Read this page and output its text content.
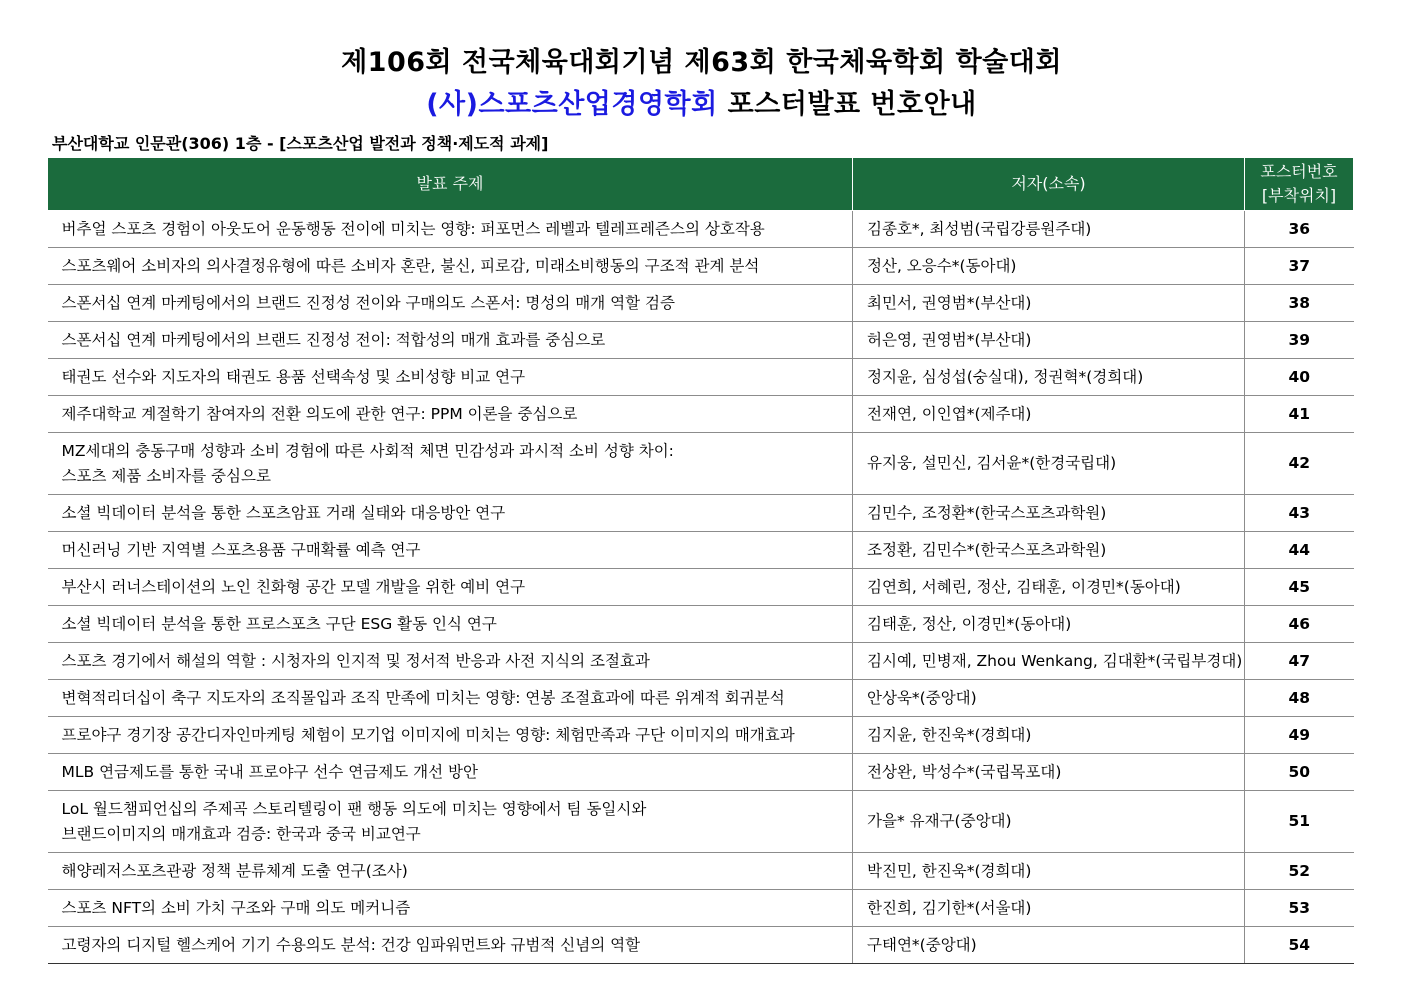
제106회 전국체육대회기념 제63회 한국체육학회 학술대회
(사)스포츠산업경영학회 포스터발표 번호안내
부산대학교 인문관(306) 1층 - [스포츠산업 발전과 정책·제도적 과제]
발표 주제	저자(소속)	포스터번호
[부착위치]
버추얼 스포츠 경험이 아웃도어 운동행동 전이에 미치는 영향: 퍼포먼스 레벨과 텔레프레즌스의 상호작용	김종호*, 최성범(국립강릉원주대)	36
스포츠웨어 소비자의 의사결정유형에 따른 소비자 혼란, 불신, 피로감, 미래소비행동의 구조적 관계 분석	정산, 오응수*(동아대)	37
스폰서십 연계 마케팅에서의 브랜드 진정성 전이와 구매의도 스폰서: 명성의 매개 역할 검증	최민서, 권영범*(부산대)	38
스폰서십 연계 마케팅에서의 브랜드 진정성 전이: 적합성의 매개 효과를 중심으로	허은영, 권영범*(부산대)	39
태권도 선수와 지도자의 태권도 용품 선택속성 및 소비성향 비교 연구	정지윤, 심성섭(숭실대), 정권혁*(경희대)	40
제주대학교 계절학기 참여자의 전환 의도에 관한 연구: PPM 이론을 중심으로	전재연, 이인엽*(제주대)	41
MZ세대의 충동구매 성향과 소비 경험에 따른 사회적 체면 민감성과 과시적 소비 성향 차이:
스포츠 제품 소비자를 중심으로	유지웅, 설민신, 김서윤*(한경국립대)	42
소셜 빅데이터 분석을 통한 스포츠암표 거래 실태와 대응방안 연구	김민수, 조정환*(한국스포츠과학원)	43
머신러닝 기반 지역별 스포츠용품 구매확률 예측 연구	조정환, 김민수*(한국스포츠과학원)	44
부산시 러너스테이션의 노인 친화형 공간 모델 개발을 위한 예비 연구	김연희, 서혜린, 정산, 김태훈, 이경민*(동아대)	45
소셜 빅데이터 분석을 통한 프로스포츠 구단 ESG 활동 인식 연구	김태훈, 정산, 이경민*(동아대)	46
스포츠 경기에서 해설의 역할 : 시청자의 인지적 및 정서적 반응과 사전 지식의 조절효과	김시예, 민병재, Zhou Wenkang, 김대환*(국립부경대)	47
변혁적리더십이 축구 지도자의 조직몰입과 조직 만족에 미치는 영향: 연봉 조절효과에 따른 위계적 회귀분석	안상욱*(중앙대)	48
프로야구 경기장 공간디자인마케팅 체험이 모기업 이미지에 미치는 영향: 체험만족과 구단 이미지의 매개효과	김지윤, 한진욱*(경희대)	49
MLB 연금제도를 통한 국내 프로야구 선수 연금제도 개선 방안	전상완, 박성수*(국립목포대)	50
LoL 월드챔피언십의 주제곡 스토리텔링이 팬 행동 의도에 미치는 영향에서 팀 동일시와
브랜드이미지의 매개효과 검증: 한국과 중국 비교연구	가을* 유재구(중앙대)	51
해양레저스포츠관광 정책 분류체계 도출 연구(조사)	박진민, 한진욱*(경희대)	52
스포츠 NFT의 소비 가치 구조와 구매 의도 메커니즘	한진희, 김기한*(서울대)	53
고령자의 디지털 헬스케어 기기 수용의도 분석: 건강 임파워먼트와 규범적 신념의 역할	구태연*(중앙대)	54
